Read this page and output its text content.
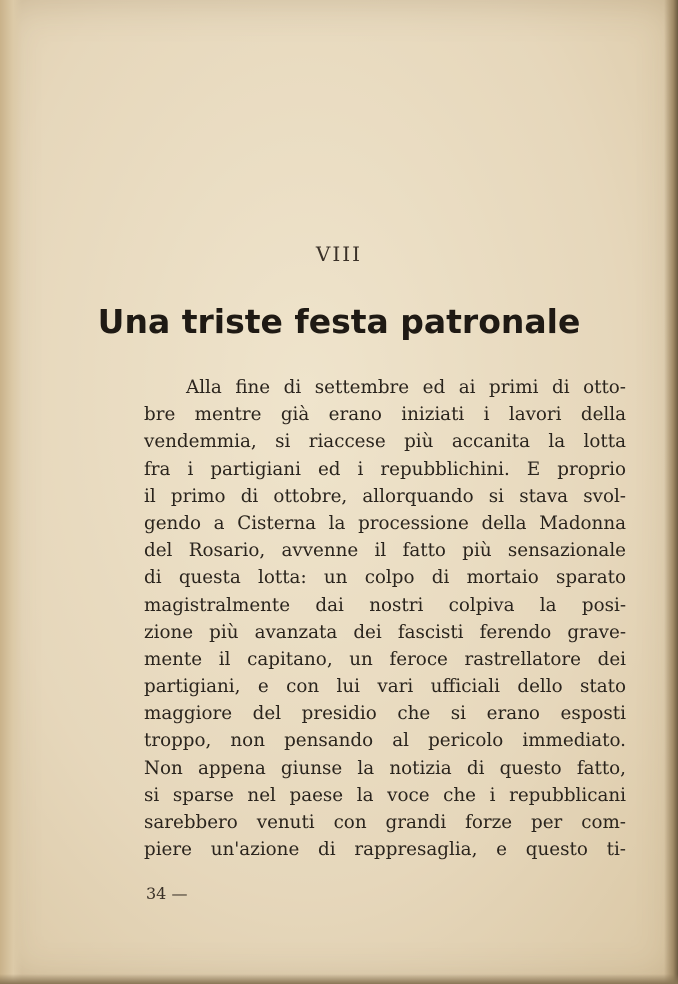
VIII
Una triste festa patronale
Alla fine di settembre ed ai primi di otto-
bre mentre già erano iniziati i lavori della
vendemmia, si riaccese più accanita la lotta
fra i partigiani ed i repubblichini. E proprio
il primo di ottobre, allorquando si stava svol-
gendo a Cisterna la processione della Madonna
del Rosario, avvenne il fatto più sensazionale
di questa lotta: un colpo di mortaio sparato
magistralmente dai nostri colpiva la posi-
zione più avanzata dei fascisti ferendo grave-
mente il capitano, un feroce rastrellatore dei
partigiani, e con lui vari ufficiali dello stato
maggiore del presidio che si erano esposti
troppo, non pensando al pericolo immediato.
Non appena giunse la notizia di questo fatto,
si sparse nel paese la voce che i repubblicani
sarebbero venuti con grandi forze per com-
piere un'azione di rappresaglia, e questo ti-
34 —
